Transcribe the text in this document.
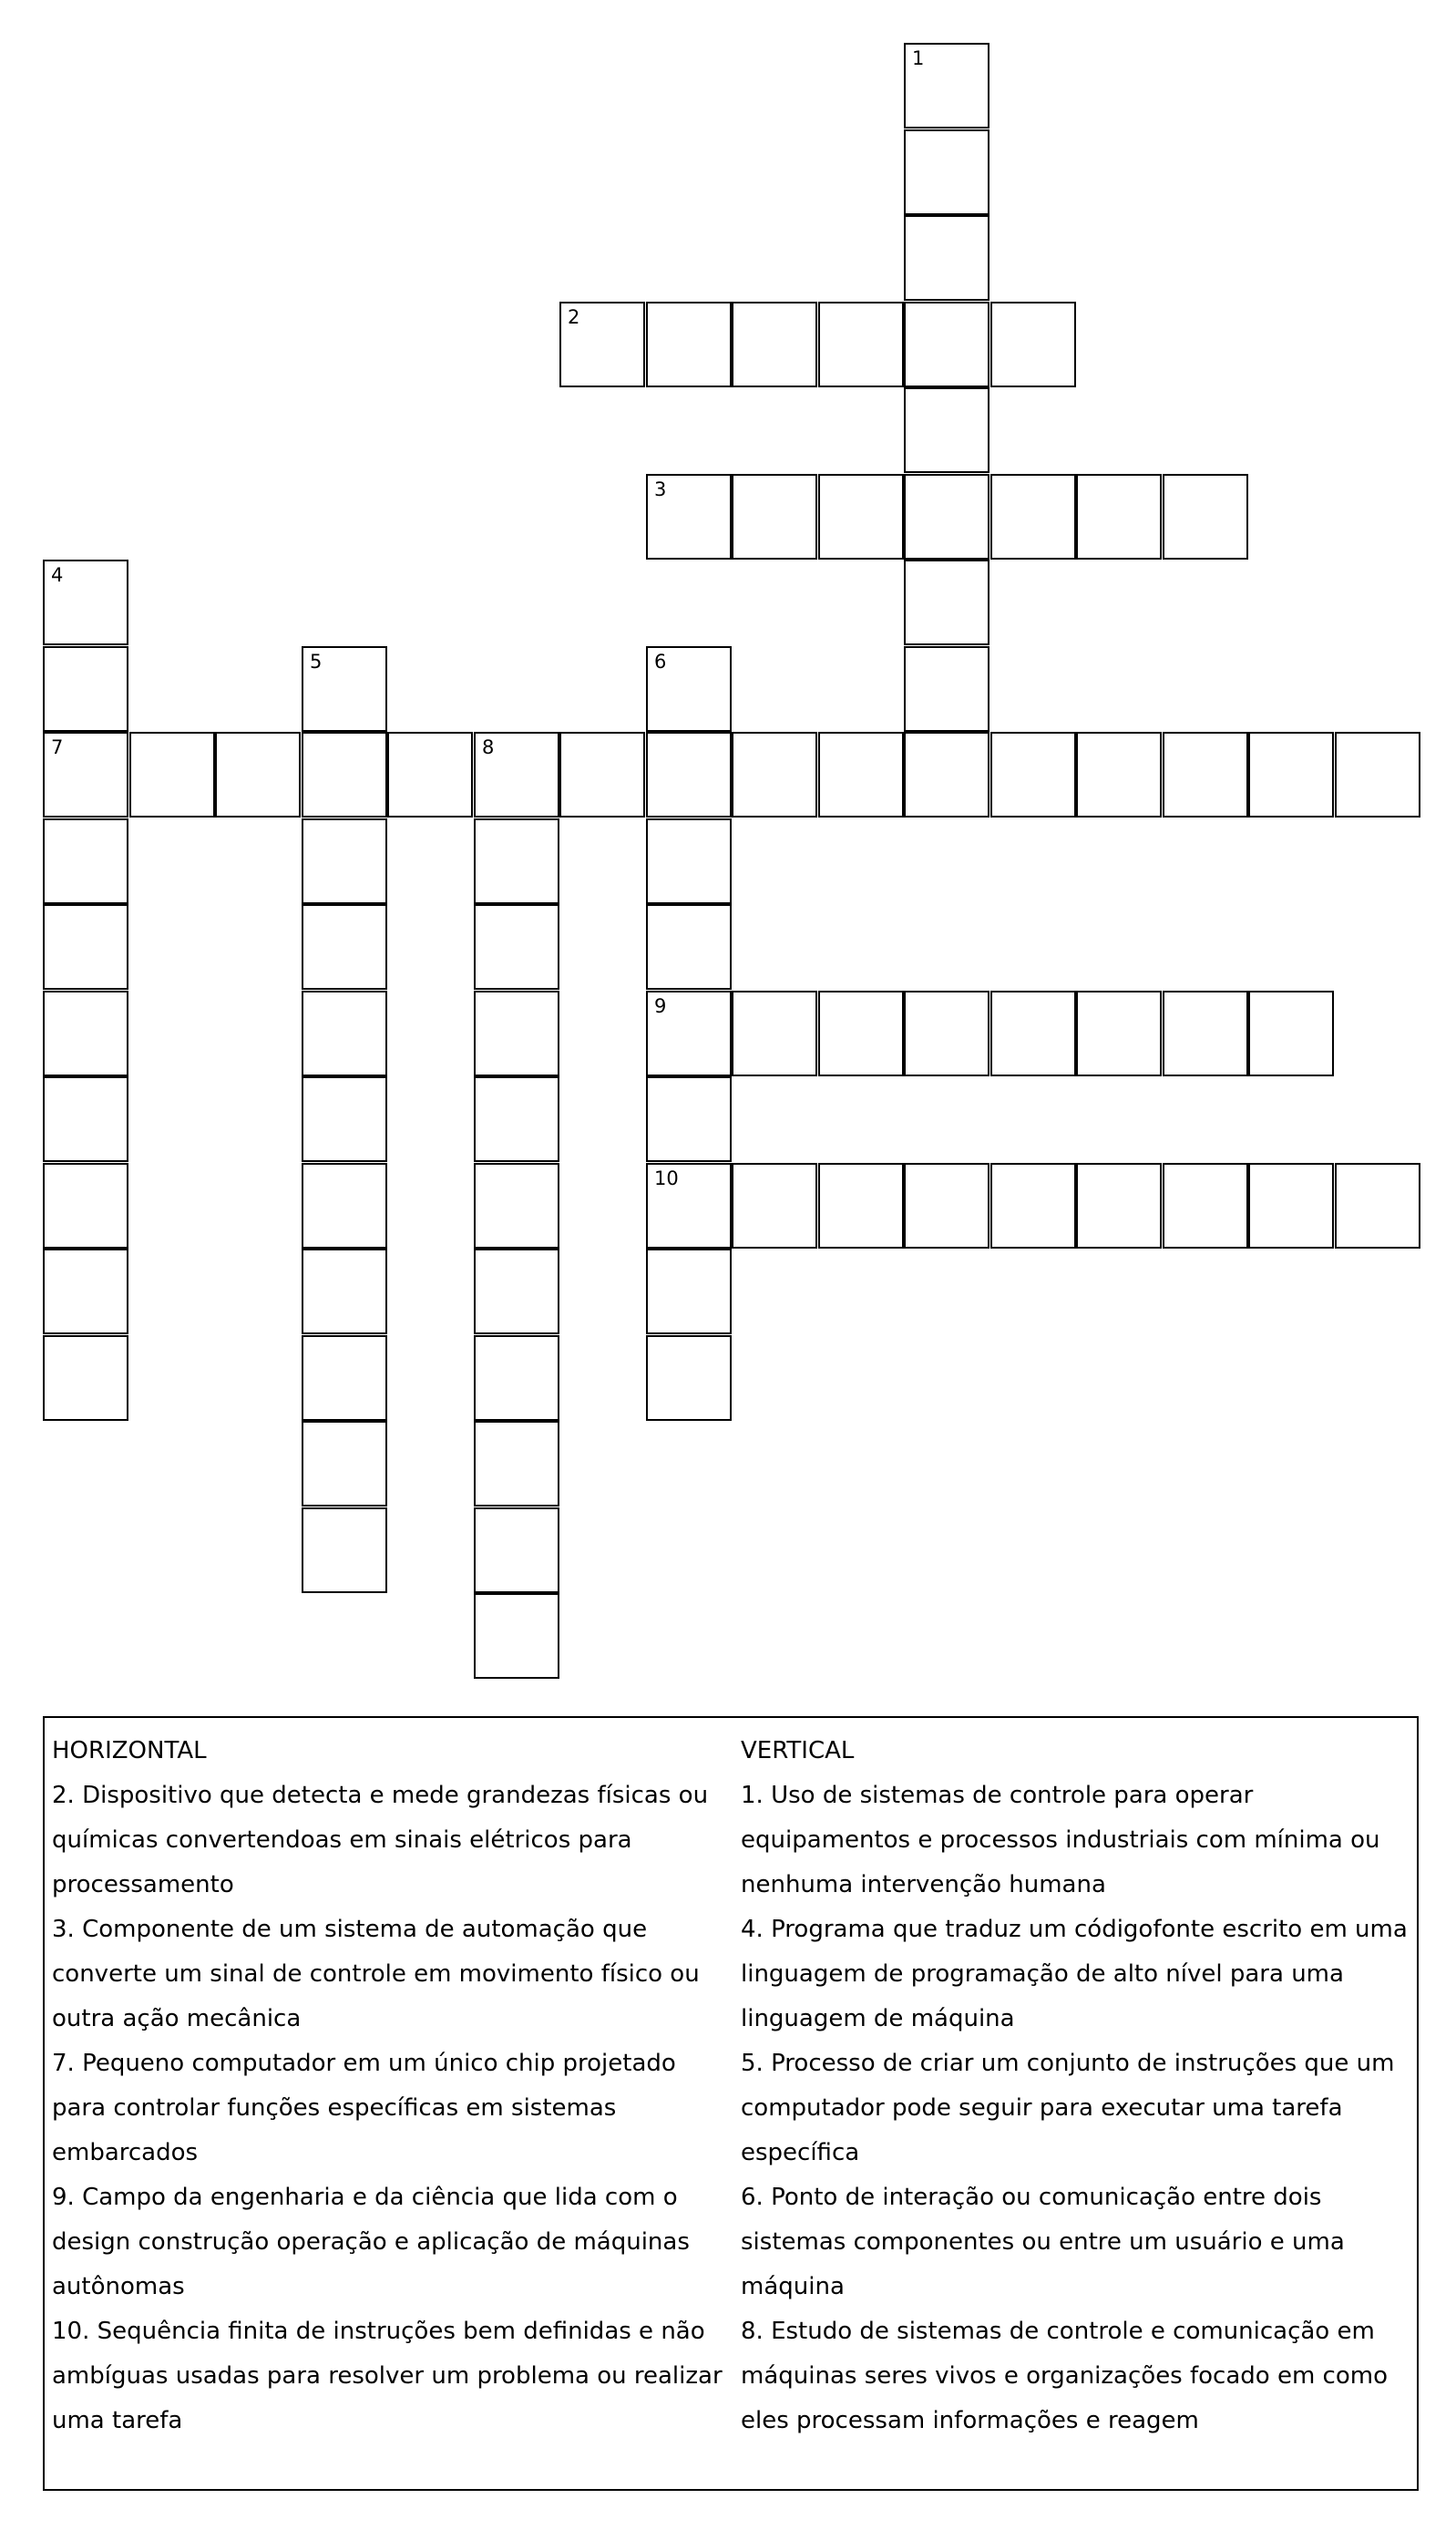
1
2
3
4
7
5	6
9
10
8

HORIZONTAL

2. Dispositivo que detecta e mede grandezas físicas ou químicas convertendoas em sinais elétricos para processamento

3. Componente de um sistema de automação que converte um sinal de controle em movimento físico ou outra ação mecânica

7. Pequeno computador em um único chip projetado para controlar funções específicas em sistemas embarcados

9. Campo da engenharia e da ciência que lida com o design construção operação e aplicação de máquinas autônomas

10. Sequência finita de instruções bem definidas e não ambíguas usadas para resolver um problema ou realizar uma tarefa

VERTICAL

1. Uso de sistemas de controle para operar equipamentos e processos industriais com mínima ou nenhuma intervenção humana

4. Programa que traduz um códigofonte escrito em uma linguagem de programação de alto nível para uma linguagem de máquina

5. Processo de criar um conjunto de instruções que um computador pode seguir para executar uma tarefa específica

6. Ponto de interação ou comunicação entre dois sistemas componentes ou entre um usuário e uma máquina

8. Estudo de sistemas de controle e comunicação em máquinas seres vivos e organizações focado em como eles processam informações e reagem
